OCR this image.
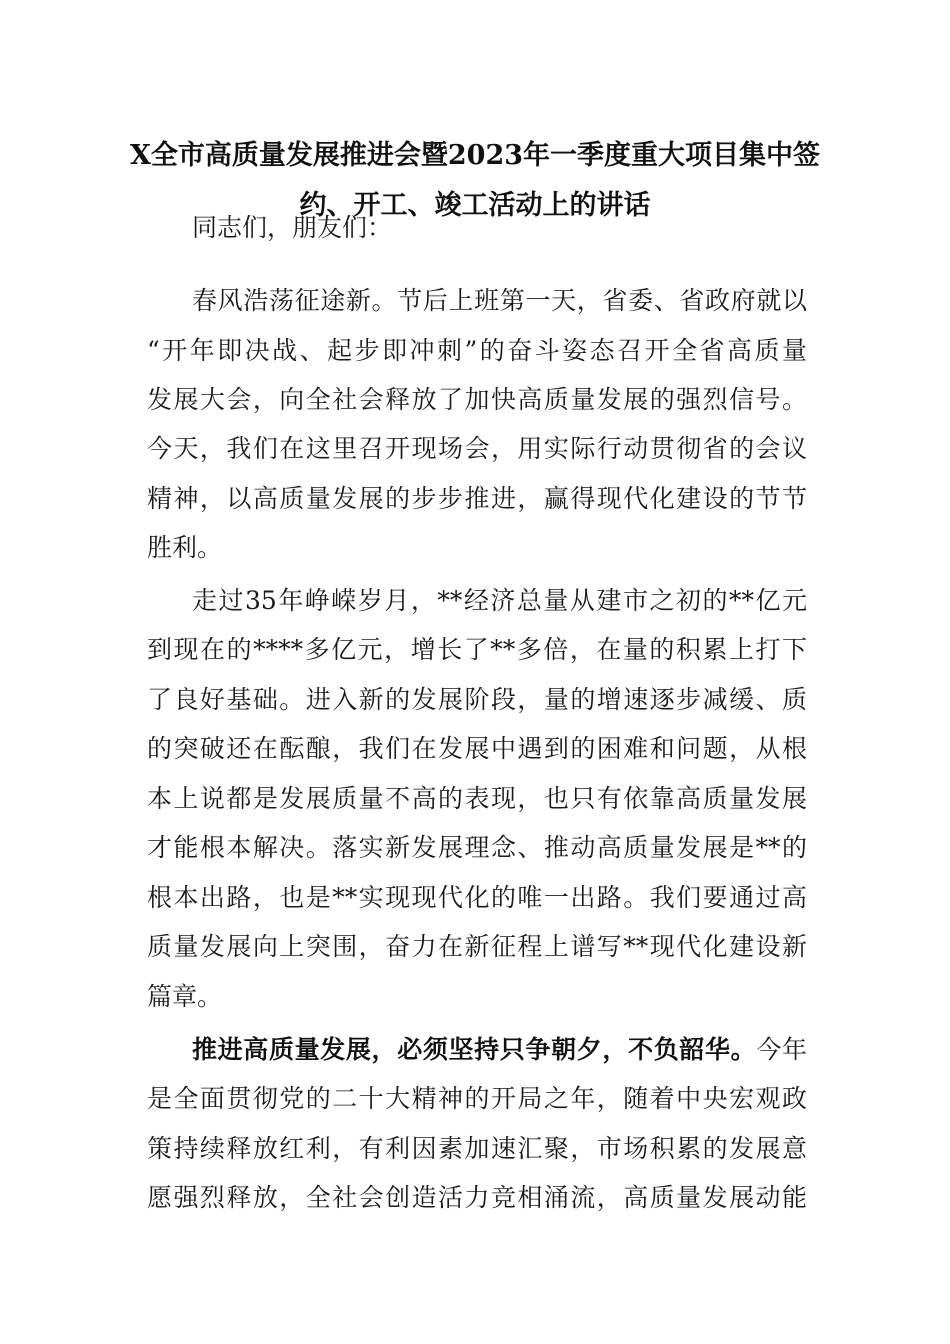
X全市高质量发展推进会暨2023年一季度重大项目集中签
约、开工、竣工活动上的讲话
同志们，朋友们：
春风浩荡征途新。节后上班第一天，省委、省政府就以
“开年即决战、起步即冲刺”的奋斗姿态召开全省高质量
发展大会，向全社会释放了加快高质量发展的强烈信号。
今天，我们在这里召开现场会，用实际行动贯彻省的会议
精神，以高质量发展的步步推进，赢得现代化建设的节节
胜利。
走过35年峥嵘岁月，**经济总量从建市之初的**亿元
到现在的****多亿元，增长了**多倍，在量的积累上打下
了良好基础。进入新的发展阶段，量的增速逐步减缓、质
的突破还在酝酿，我们在发展中遇到的困难和问题，从根
本上说都是发展质量不高的表现，也只有依靠高质量发展
才能根本解决。落实新发展理念、推动高质量发展是**的
根本出路，也是**实现现代化的唯一出路。我们要通过高
质量发展向上突围，奋力在新征程上谱写**现代化建设新
篇章。
推进高质量发展，必须坚持只争朝夕，不负韶华。今年
是全面贯彻党的二十大精神的开局之年，随着中央宏观政
策持续释放红利，有利因素加速汇聚，市场积累的发展意
愿强烈释放，全社会创造活力竞相涌流，高质量发展动能
